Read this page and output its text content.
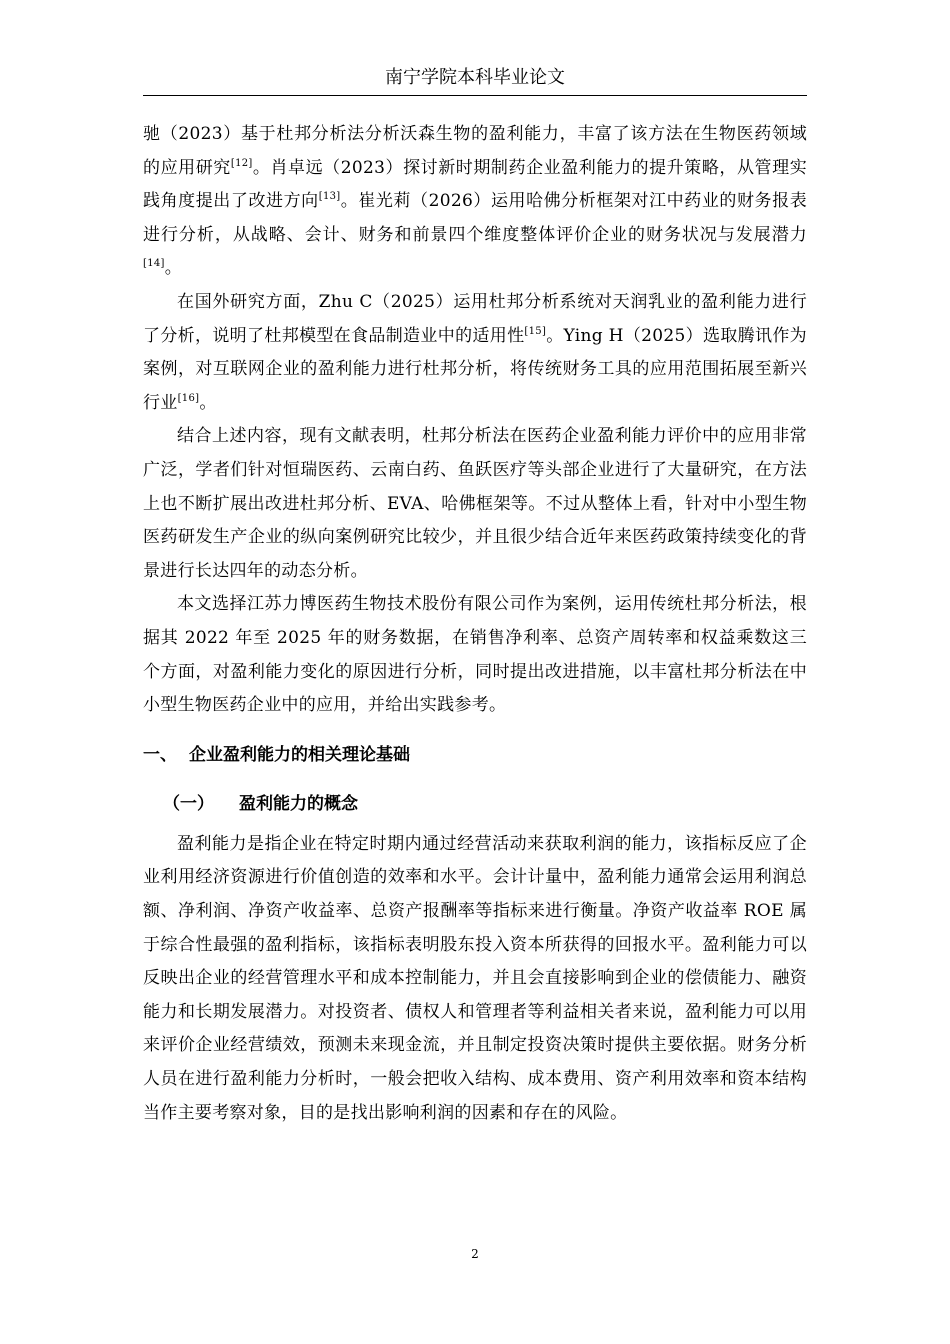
南宁学院本科毕业论文

驰（2023）基于杜邦分析法分析沃森生物的盈利能力，丰富了该方法在生物医药领域的应用研究[12]。肖卓远（2023）探讨新时期制药企业盈利能力的提升策略，从管理实践角度提出了改进方向[13]。崔光莉（2026）运用哈佛分析框架对江中药业的财务报表进行分析，从战略、会计、财务和前景四个维度整体评价企业的财务状况与发展潜力[14]。

在国外研究方面，Zhu C（2025）运用杜邦分析系统对天润乳业的盈利能力进行了分析，说明了杜邦模型在食品制造业中的适用性[15]。Ying H（2025）选取腾讯作为案例，对互联网企业的盈利能力进行杜邦分析，将传统财务工具的应用范围拓展至新兴行业[16]。

结合上述内容，现有文献表明，杜邦分析法在医药企业盈利能力评价中的应用非常广泛，学者们针对恒瑞医药、云南白药、鱼跃医疗等头部企业进行了大量研究，在方法上也不断扩展出改进杜邦分析、EVA、哈佛框架等。不过从整体上看，针对中小型生物医药研发生产企业的纵向案例研究比较少，并且很少结合近年来医药政策持续变化的背景进行长达四年的动态分析。

本文选择江苏力博医药生物技术股份有限公司作为案例，运用传统杜邦分析法，根据其 2022 年至 2025 年的财务数据，在销售净利率、总资产周转率和权益乘数这三个方面，对盈利能力变化的原因进行分析，同时提出改进措施，以丰富杜邦分析法在中小型生物医药企业中的应用，并给出实践参考。

一、 企业盈利能力的相关理论基础
（一） 盈利能力的概念

盈利能力是指企业在特定时期内通过经营活动来获取利润的能力，该指标反应了企业利用经济资源进行价值创造的效率和水平。会计计量中，盈利能力通常会运用利润总额、净利润、净资产收益率、总资产报酬率等指标来进行衡量。净资产收益率 ROE 属于综合性最强的盈利指标，该指标表明股东投入资本所获得的回报水平。盈利能力可以反映出企业的经营管理水平和成本控制能力，并且会直接影响到企业的偿债能力、融资能力和长期发展潜力。对投资者、债权人和管理者等利益相关者来说，盈利能力可以用来评价企业经营绩效，预测未来现金流，并且制定投资决策时提供主要依据。财务分析人员在进行盈利能力分析时，一般会把收入结构、成本费用、资产利用效率和资本结构当作主要考察对象，目的是找出影响利润的因素和存在的风险。

2
